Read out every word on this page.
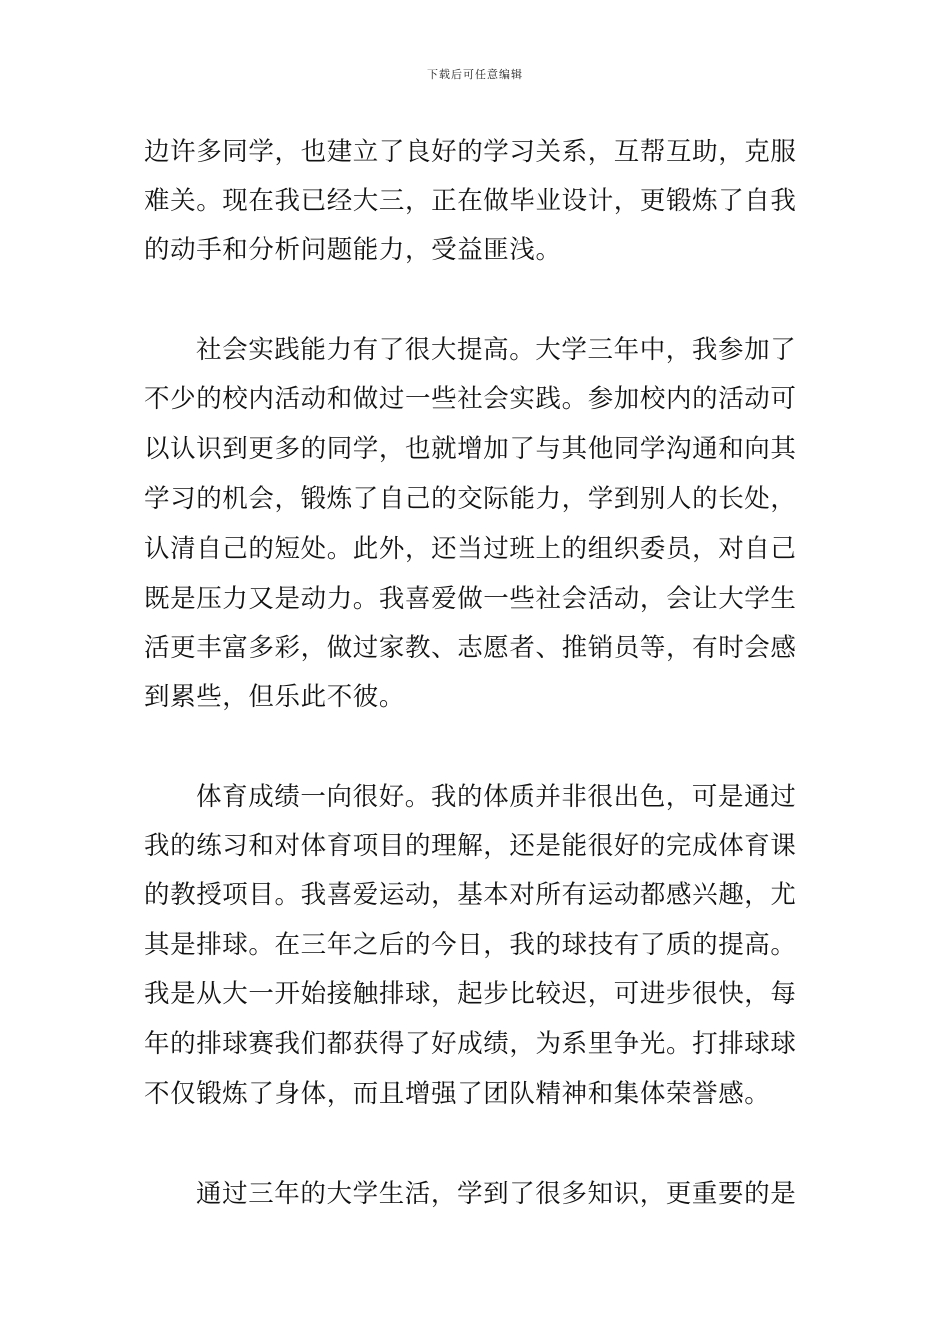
下载后可任意编辑
边许多同学，也建立了良好的学习关系，互帮互助，克服
难关。现在我已经大三，正在做毕业设计，更锻炼了自我
的动手和分析问题能力，受益匪浅。
社会实践能力有了很大提高。大学三年中，我参加了
不少的校内活动和做过一些社会实践。参加校内的活动可
以认识到更多的同学，也就增加了与其他同学沟通和向其
学习的机会，锻炼了自己的交际能力，学到别人的长处，
认清自己的短处。此外，还当过班上的组织委员，对自己
既是压力又是动力。我喜爱做一些社会活动，会让大学生
活更丰富多彩，做过家教、志愿者、推销员等，有时会感
到累些，但乐此不彼。
体育成绩一向很好。我的体质并非很出色，可是通过
我的练习和对体育项目的理解，还是能很好的完成体育课
的教授项目。我喜爱运动，基本对所有运动都感兴趣，尤
其是排球。在三年之后的今日，我的球技有了质的提高。
我是从大一开始接触排球，起步比较迟，可进步很快，每
年的排球赛我们都获得了好成绩，为系里争光。打排球球
不仅锻炼了身体，而且增强了团队精神和集体荣誉感。
通过三年的大学生活，学到了很多知识，更重要的是
